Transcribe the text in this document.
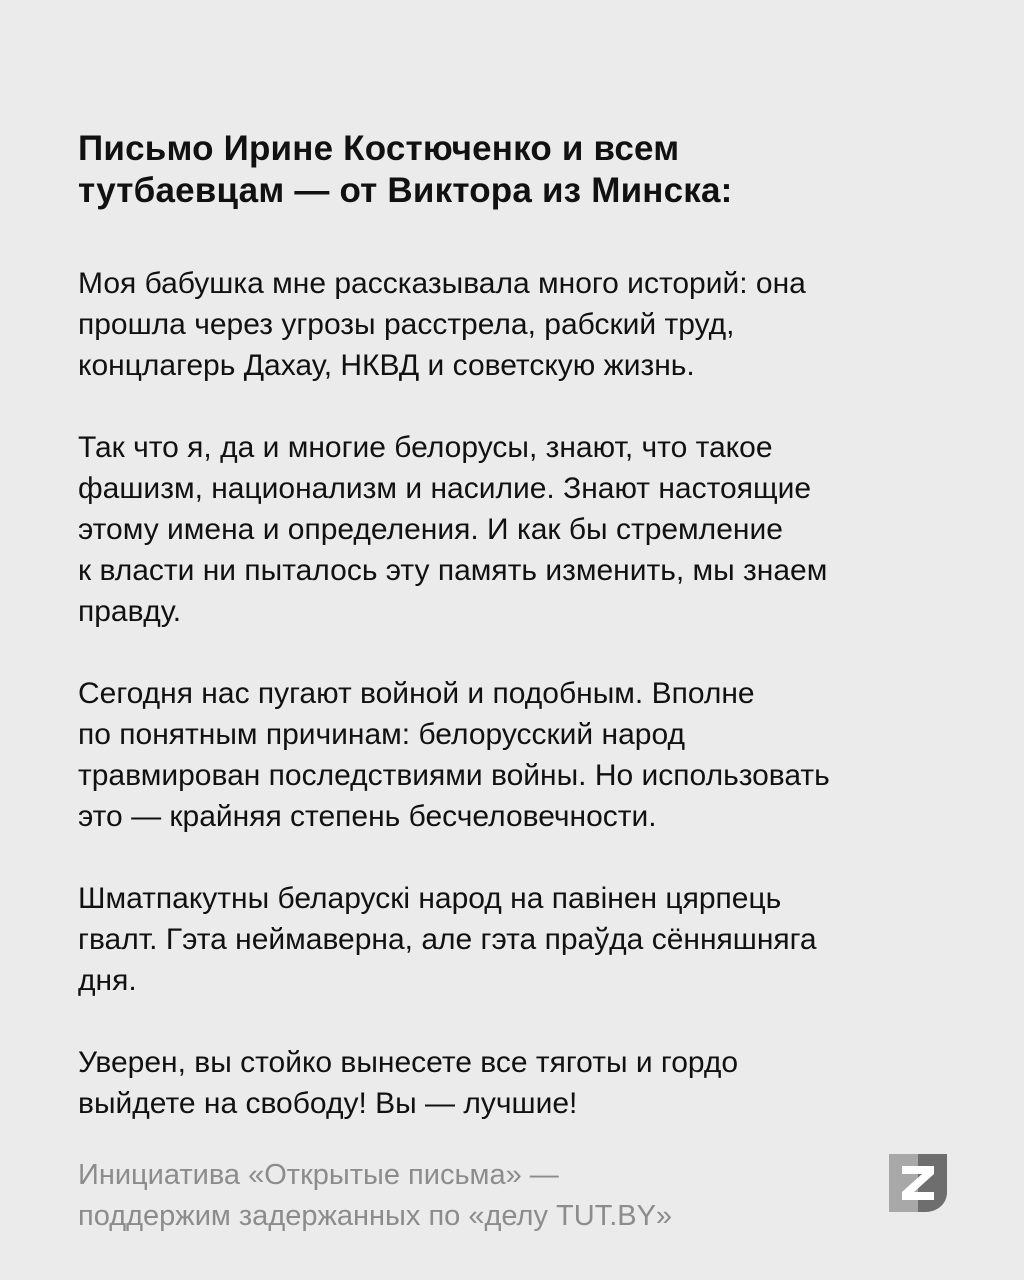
Письмо Ирине Костюченко и всем
тутбаевцам — от Виктора из Минска:

Моя бабушка мне рассказывала много историй: она
прошла через угрозы расстрела, рабский труд,
концлагерь Дахау, НКВД и советскую жизнь.

Так что я, да и многие белорусы, знают, что такое
фашизм, национализм и насилие. Знают настоящие
этому имена и определения. И как бы стремление
к власти ни пыталось эту память изменить, мы знаем
правду.

Сегодня нас пугают войной и подобным. Вполне
по понятным причинам: белорусский народ
травмирован последствиями войны. Но использовать
это — крайняя степень бесчеловечности.

Шматпакутны беларускі народ на павінен цярпець
гвалт. Гэта неймаверна, але гэта праўда сённяшняга
дня.

Уверен, вы стойко вынесете все тяготы и гордо
выйдете на свободу! Вы — лучшие!

Инициатива «Открытые письма» —
поддержим задержанных по «делу TUT.BY»
